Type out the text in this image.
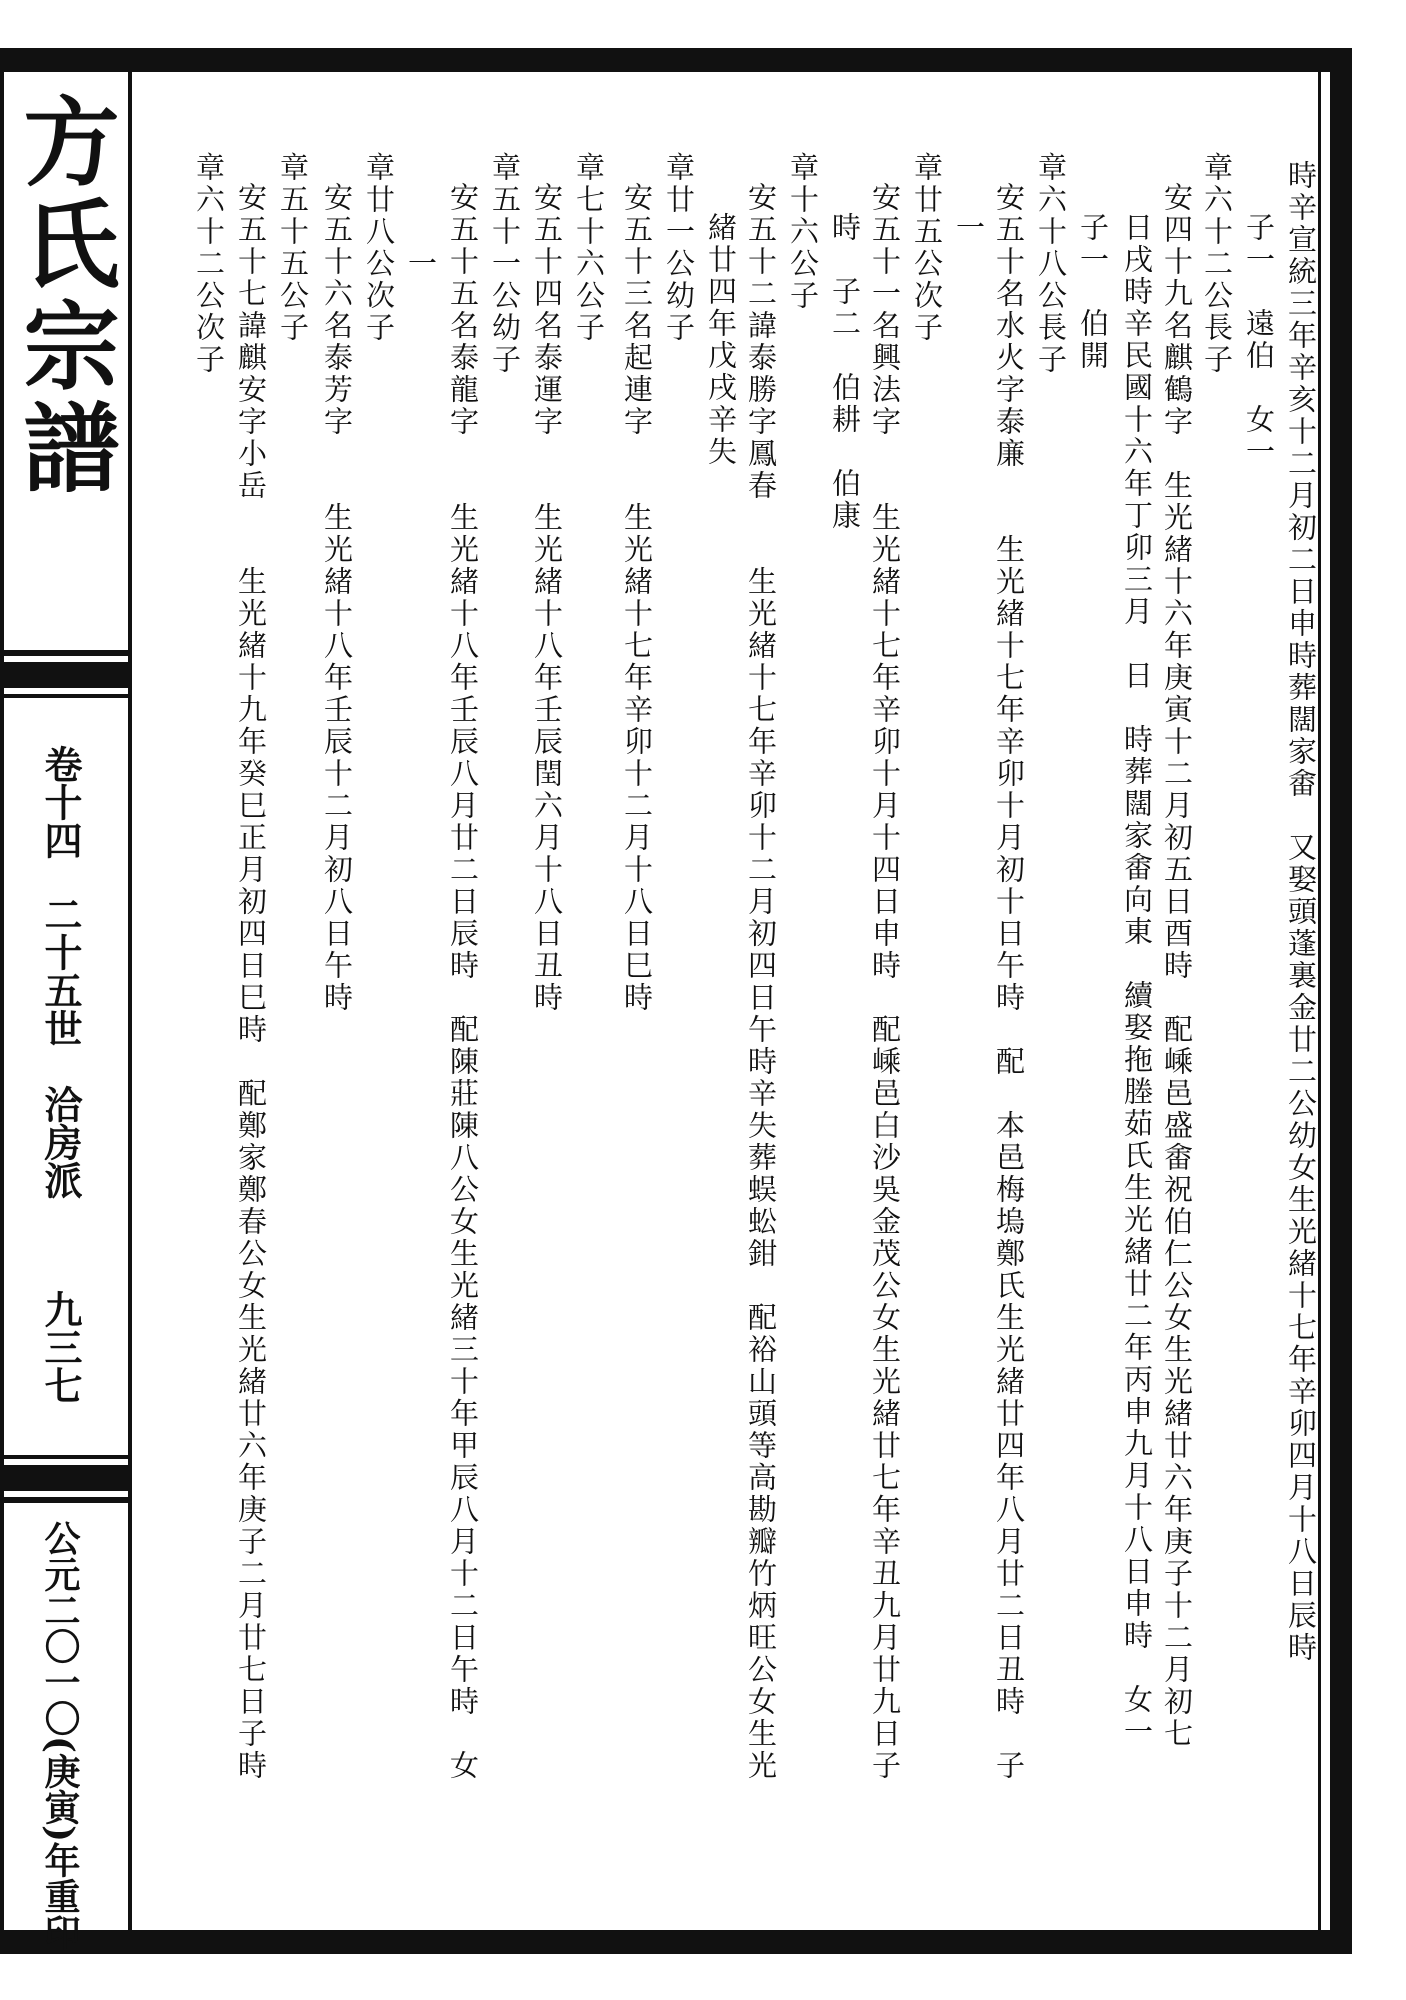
方氏宗譜
卷十四
二十五世
洽房派
九三七
公元二〇一〇(庚寅)年重印
時辛宣統三年辛亥十二月初二日申時葬闊家畬　又娶頭蓬裏金廿二公幼女生光緒十七年辛卯四月十八日辰時
子一　遠伯　女一
章六十二公長子
安四十九名麒鶴字　生光緒十六年庚寅十二月初五日酉時　配嵊邑盛畬祝伯仁公女生光緒廿六年庚子十二月初七
日戌時辛民國十六年丁卯三月　日　時葬闊家畬向東　續娶拖塍茹氏生光緒廿二年丙申九月十八日申時　女一
子一　伯開
章六十八公長子
安五十名水火字泰廉　　生光緒十七年辛卯十月初十日午時　配　本邑梅塢鄭氏生光緒廿四年八月廿二日丑時　子
一
章廿五公次子
安五十一名興法字　　生光緒十七年辛卯十月十四日申時　配嵊邑白沙吳金茂公女生光緒廿七年辛丑九月廿九日子
時　子二　伯耕　伯康
章十六公子
安五十二諱泰勝字鳳春　　生光緒十七年辛卯十二月初四日午時辛失葬蜈蚣鉗　配裕山頭等高勘瓣竹炳旺公女生光
緒廿四年戊戌辛失
章廿一公幼子
安五十三名起連字　　生光緒十七年辛卯十二月十八日巳時
章七十六公子
安五十四名泰運字　　生光緒十八年壬辰閏六月十八日丑時
章五十一公幼子
安五十五名泰龍字　　生光緒十八年壬辰八月廿二日辰時　配陳莊陳八公女生光緒三十年甲辰八月十二日午時　女
一
章廿八公次子
安五十六名泰芳字　　生光緒十八年壬辰十二月初八日午時
章五十五公子
安五十七諱麒安字小岳　　生光緒十九年癸巳正月初四日巳時　配鄭家鄭春公女生光緒廿六年庚子二月廿七日子時
章六十二公次子
